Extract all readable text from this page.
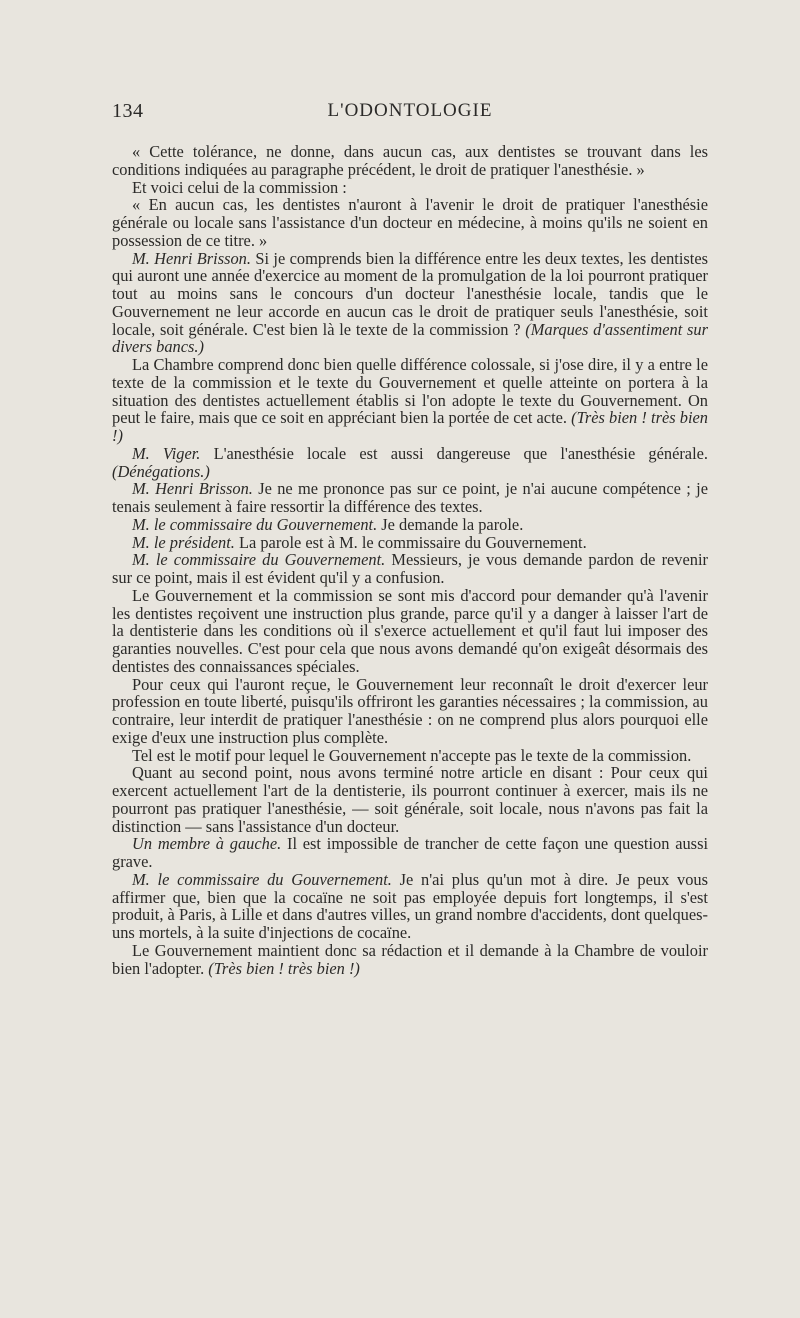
134	L'ODONTOLOGIE

« Cette tolérance, ne donne, dans aucun cas, aux dentistes se trouvant dans les conditions indiquées au paragraphe précédent, le droit de pratiquer l'anesthésie. »

Et voici celui de la commission :

« En aucun cas, les dentistes n'auront à l'avenir le droit de pratiquer l'anesthésie générale ou locale sans l'assistance d'un docteur en médecine, à moins qu'ils ne soient en possession de ce titre. »

M. Henri Brisson. Si je comprends bien la différence entre les deux textes, les dentistes qui auront une année d'exercice au moment de la promulgation de la loi pourront pratiquer tout au moins sans le concours d'un docteur l'anesthésie locale, tandis que le Gouvernement ne leur accorde en aucun cas le droit de pratiquer seuls l'anesthésie, soit locale, soit générale. C'est bien là le texte de la commission ? (Marques d'assentiment sur divers bancs.)

La Chambre comprend donc bien quelle différence colossale, si j'ose dire, il y a entre le texte de la commission et le texte du Gouvernement et quelle atteinte on portera à la situation des dentistes actuellement établis si l'on adopte le texte du Gouvernement. On peut le faire, mais que ce soit en appréciant bien la portée de cet acte. (Très bien ! très bien !)

M. Viger. L'anesthésie locale est aussi dangereuse que l'anesthésie générale. (Dénégations.)

M. Henri Brisson. Je ne me prononce pas sur ce point, je n'ai aucune compétence ; je tenais seulement à faire ressortir la différence des textes.

M. le commissaire du Gouvernement. Je demande la parole.

M. le président. La parole est à M. le commissaire du Gouvernement.

M. le commissaire du Gouvernement. Messieurs, je vous demande pardon de revenir sur ce point, mais il est évident qu'il y a confusion.

Le Gouvernement et la commission se sont mis d'accord pour demander qu'à l'avenir les dentistes reçoivent une instruction plus grande, parce qu'il y a danger à laisser l'art de la dentisterie dans les conditions où il s'exerce actuellement et qu'il faut lui imposer des garanties nouvelles. C'est pour cela que nous avons demandé qu'on exigeât désormais des dentistes des connaissances spéciales.

Pour ceux qui l'auront reçue, le Gouvernement leur reconnaît le droit d'exercer leur profession en toute liberté, puisqu'ils offriront les garanties nécessaires ; la commission, au contraire, leur interdit de pratiquer l'anesthésie : on ne comprend plus alors pourquoi elle exige d'eux une instruction plus complète.

Tel est le motif pour lequel le Gouvernement n'accepte pas le texte de la commission.

Quant au second point, nous avons terminé notre article en disant : Pour ceux qui exercent actuellement l'art de la dentisterie, ils pourront continuer à exercer, mais ils ne pourront pas pratiquer l'anesthésie, — soit générale, soit locale, nous n'avons pas fait la distinction — sans l'assistance d'un docteur.

Un membre à gauche. Il est impossible de trancher de cette façon une question aussi grave.

M. le commissaire du Gouvernement. Je n'ai plus qu'un mot à dire. Je peux vous affirmer que, bien que la cocaïne ne soit pas employée depuis fort longtemps, il s'est produit, à Paris, à Lille et dans d'autres villes, un grand nombre d'accidents, dont quelques-uns mortels, à la suite d'injections de cocaïne.

Le Gouvernement maintient donc sa rédaction et il demande à la Chambre de vouloir bien l'adopter. (Très bien ! très bien !)
